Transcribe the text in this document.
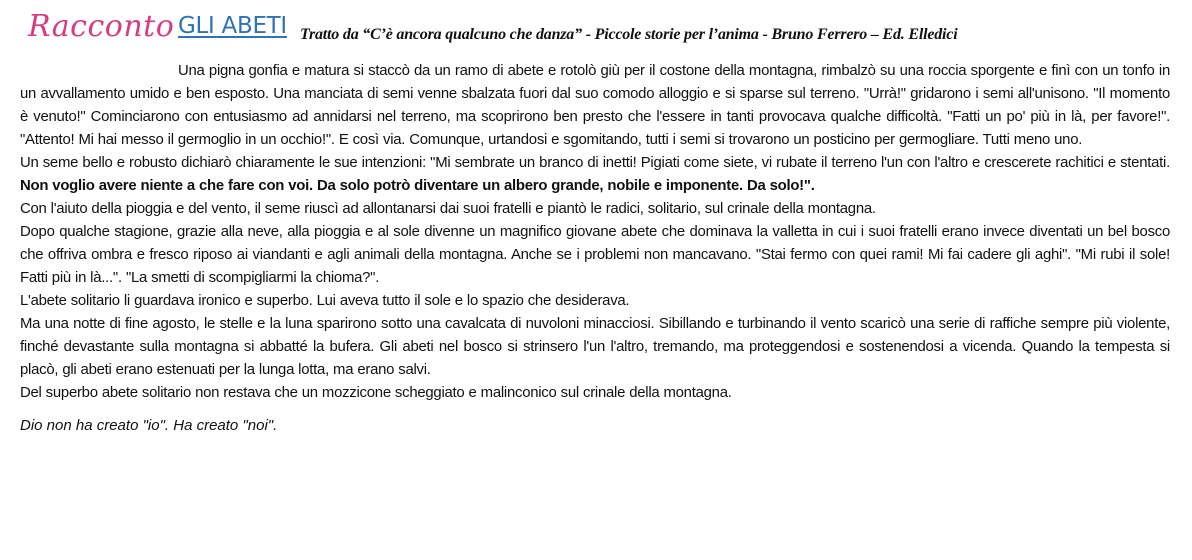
Racconto GLI ABETI Tratto da “C’è ancora qualcuno che danza” - Piccole storie per l’anima - Bruno Ferrero – Ed. Elledici

Una pigna gonfia e matura si staccò da un ramo di abete e rotolò giù per il costone della montagna, rimbalzò su una roccia sporgente e finì con un tonfo in un avvallamento umido e ben esposto. Una manciata di semi venne sbalzata fuori dal suo comodo alloggio e si sparse sul terreno. "Urrà!" gridarono i semi all'unisono. "Il momento è venuto!" Cominciarono con entusiasmo ad annidarsi nel terreno, ma scoprirono ben presto che l'essere in tanti provocava qualche difficoltà. "Fatti un po' più in là, per favore!". "Attento! Mi hai messo il germoglio in un occhio!". E così via. Comunque, urtandosi e sgomitando, tutti i semi si trovarono un posticino per germogliare. Tutti meno uno.

Un seme bello e robusto dichiarò chiaramente le sue intenzioni: "Mi sembrate un branco di inetti! Pigiati come siete, vi rubate il terreno l'un con l'altro e crescerete rachitici e stentati. Non voglio avere niente a che fare con voi. Da solo potrò diventare un albero grande, nobile e imponente. Da solo!".

Con l'aiuto della pioggia e del vento, il seme riuscì ad allontanarsi dai suoi fratelli e piantò le radici, solitario, sul crinale della montagna.

Dopo qualche stagione, grazie alla neve, alla pioggia e al sole divenne un magnifico giovane abete che dominava la valletta in cui i suoi fratelli erano invece diventati un bel bosco che offriva ombra e fresco riposo ai viandanti e agli animali della montagna. Anche se i problemi non mancavano. "Stai fermo con quei rami! Mi fai cadere gli aghi". "Mi rubi il sole! Fatti più in là...". "La smetti di scompigliarmi la chioma?".

L'abete solitario li guardava ironico e superbo. Lui aveva tutto il sole e lo spazio che desiderava.

Ma una notte di fine agosto, le stelle e la luna sparirono sotto una cavalcata di nuvoloni minacciosi. Sibillando e turbinando il vento scaricò una serie di raffiche sempre più violente, finché devastante sulla montagna si abbatté la bufera. Gli abeti nel bosco si strinsero l'un l'altro, tremando, ma proteggendosi e sostenendosi a vicenda. Quando la tempesta si placò, gli abeti erano estenuati per la lunga lotta, ma erano salvi.

Del superbo abete solitario non restava che un mozzicone scheggiato e malinconico sul crinale della montagna.

Dio non ha creato "io". Ha creato "noi".
